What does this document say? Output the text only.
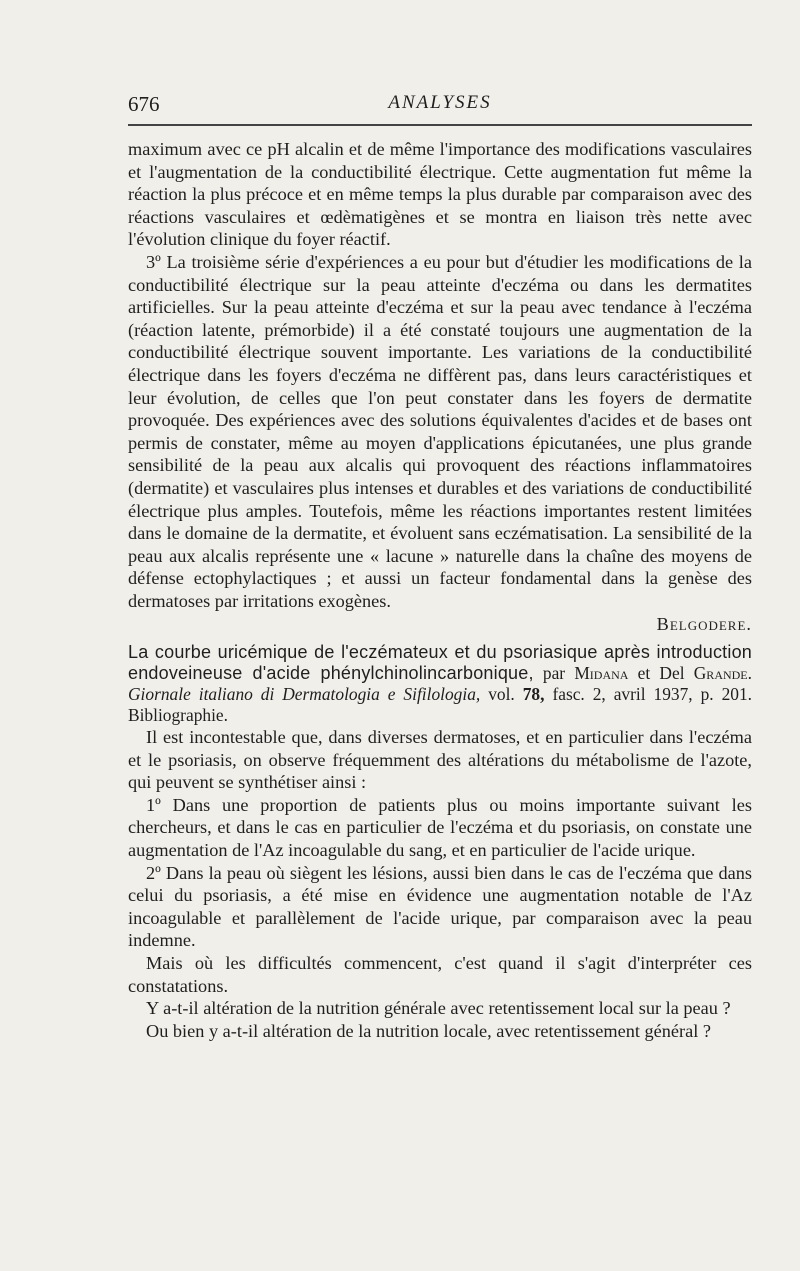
676	ANALYSES

maximum avec ce pH alcalin et de même l'importance des modifications vasculaires et l'augmentation de la conductibilité électrique. Cette augmentation fut même la réaction la plus précoce et en même temps la plus durable par comparaison avec des réactions vasculaires et œdèmatigènes et se montra en liaison très nette avec l'évolution clinique du foyer réactif.

3º La troisième série d'expériences a eu pour but d'étudier les modifications de la conductibilité électrique sur la peau atteinte d'eczéma ou dans les dermatites artificielles. Sur la peau atteinte d'eczéma et sur la peau avec tendance à l'eczéma (réaction latente, prémorbide) il a été constaté toujours une augmentation de la conductibilité électrique souvent importante. Les variations de la conductibilité électrique dans les foyers d'eczéma ne diffèrent pas, dans leurs caractéristiques et leur évolution, de celles que l'on peut constater dans les foyers de dermatite provoquée. Des expériences avec des solutions équivalentes d'acides et de bases ont permis de constater, même au moyen d'applications épicutanées, une plus grande sensibilité de la peau aux alcalis qui provoquent des réactions inflammatoires (dermatite) et vasculaires plus intenses et durables et des variations de conductibilité électrique plus amples. Toutefois, même les réactions importantes restent limitées dans le domaine de la dermatite, et évoluent sans eczématisation. La sensibilité de la peau aux alcalis représente une « lacune » naturelle dans la chaîne des moyens de défense ectophylactiques ; et aussi un facteur fondamental dans la genèse des dermatoses par irritations exogènes.

Belgodere.

La courbe uricémique de l'eczémateux et du psoriasique après introduction endoveineuse d'acide phénylchinolincarbonique, par Midana et Del Grande. Giornale italiano di Dermatologia e Sifilologia, vol. 78, fasc. 2, avril 1937, p. 201. Bibliographie.

Il est incontestable que, dans diverses dermatoses, et en particulier dans l'eczéma et le psoriasis, on observe fréquemment des altérations du métabolisme de l'azote, qui peuvent se synthétiser ainsi :

1º Dans une proportion de patients plus ou moins importante suivant les chercheurs, et dans le cas en particulier de l'eczéma et du psoriasis, on constate une augmentation de l'Az incoagulable du sang, et en particulier de l'acide urique.

2º Dans la peau où siègent les lésions, aussi bien dans le cas de l'eczéma que dans celui du psoriasis, a été mise en évidence une augmentation notable de l'Az incoagulable et parallèlement de l'acide urique, par comparaison avec la peau indemne.

Mais où les difficultés commencent, c'est quand il s'agit d'interpréter ces constatations.

Y a-t-il altération de la nutrition générale avec retentissement local sur la peau ?

Ou bien y a-t-il altération de la nutrition locale, avec retentissement général ?
